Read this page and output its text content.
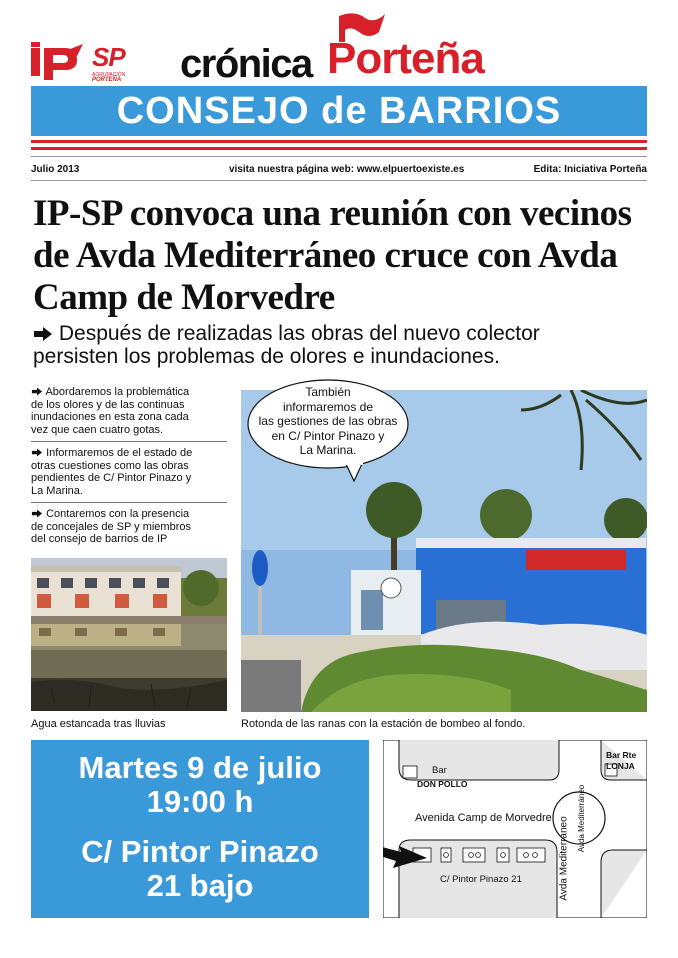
SP
AGRUPACIÓN
PORTEÑA	crónica Porteña
CONSEJO de BARRIOS
Julio 2013	visita nuestra página web: www.elpuertoexiste.es	Edita: Iniciativa Porteña
IP-SP convoca una reunión con vecinos
de Avda Mediterráneo cruce con Avda
Camp de Morvedre
Después de realizadas las obras del nuevo colector
persisten los problemas de olores e inundaciones.
Abordaremos la problemática
de los olores y de las continuas
inundaciones en esta zona cada
vez que caen cuatro gotas.
Informaremos de el estado de
otras cuestiones como las obras
pendientes de C/ Pintor Pinazo y
La Marina.
Contaremos con la presencia
de concejales de SP y miembros
del consejo de barrios de IP
Agua estancada tras lluvias
También
informaremos de
las gestiones de las obras
en C/ Pintor Pinazo y
La Marina.
Rotonda de las ranas con la estación de bombeo al fondo.
Martes 9 de julio
19:00 h
C/ Pintor Pinazo
21 bajo
Bar
DON POLLO
Bar Rte
LONJA
Avenida Camp de Morvedre
C/ Pintor Pinazo 21	Avda Mediterráneo Avda Mediterráneo
